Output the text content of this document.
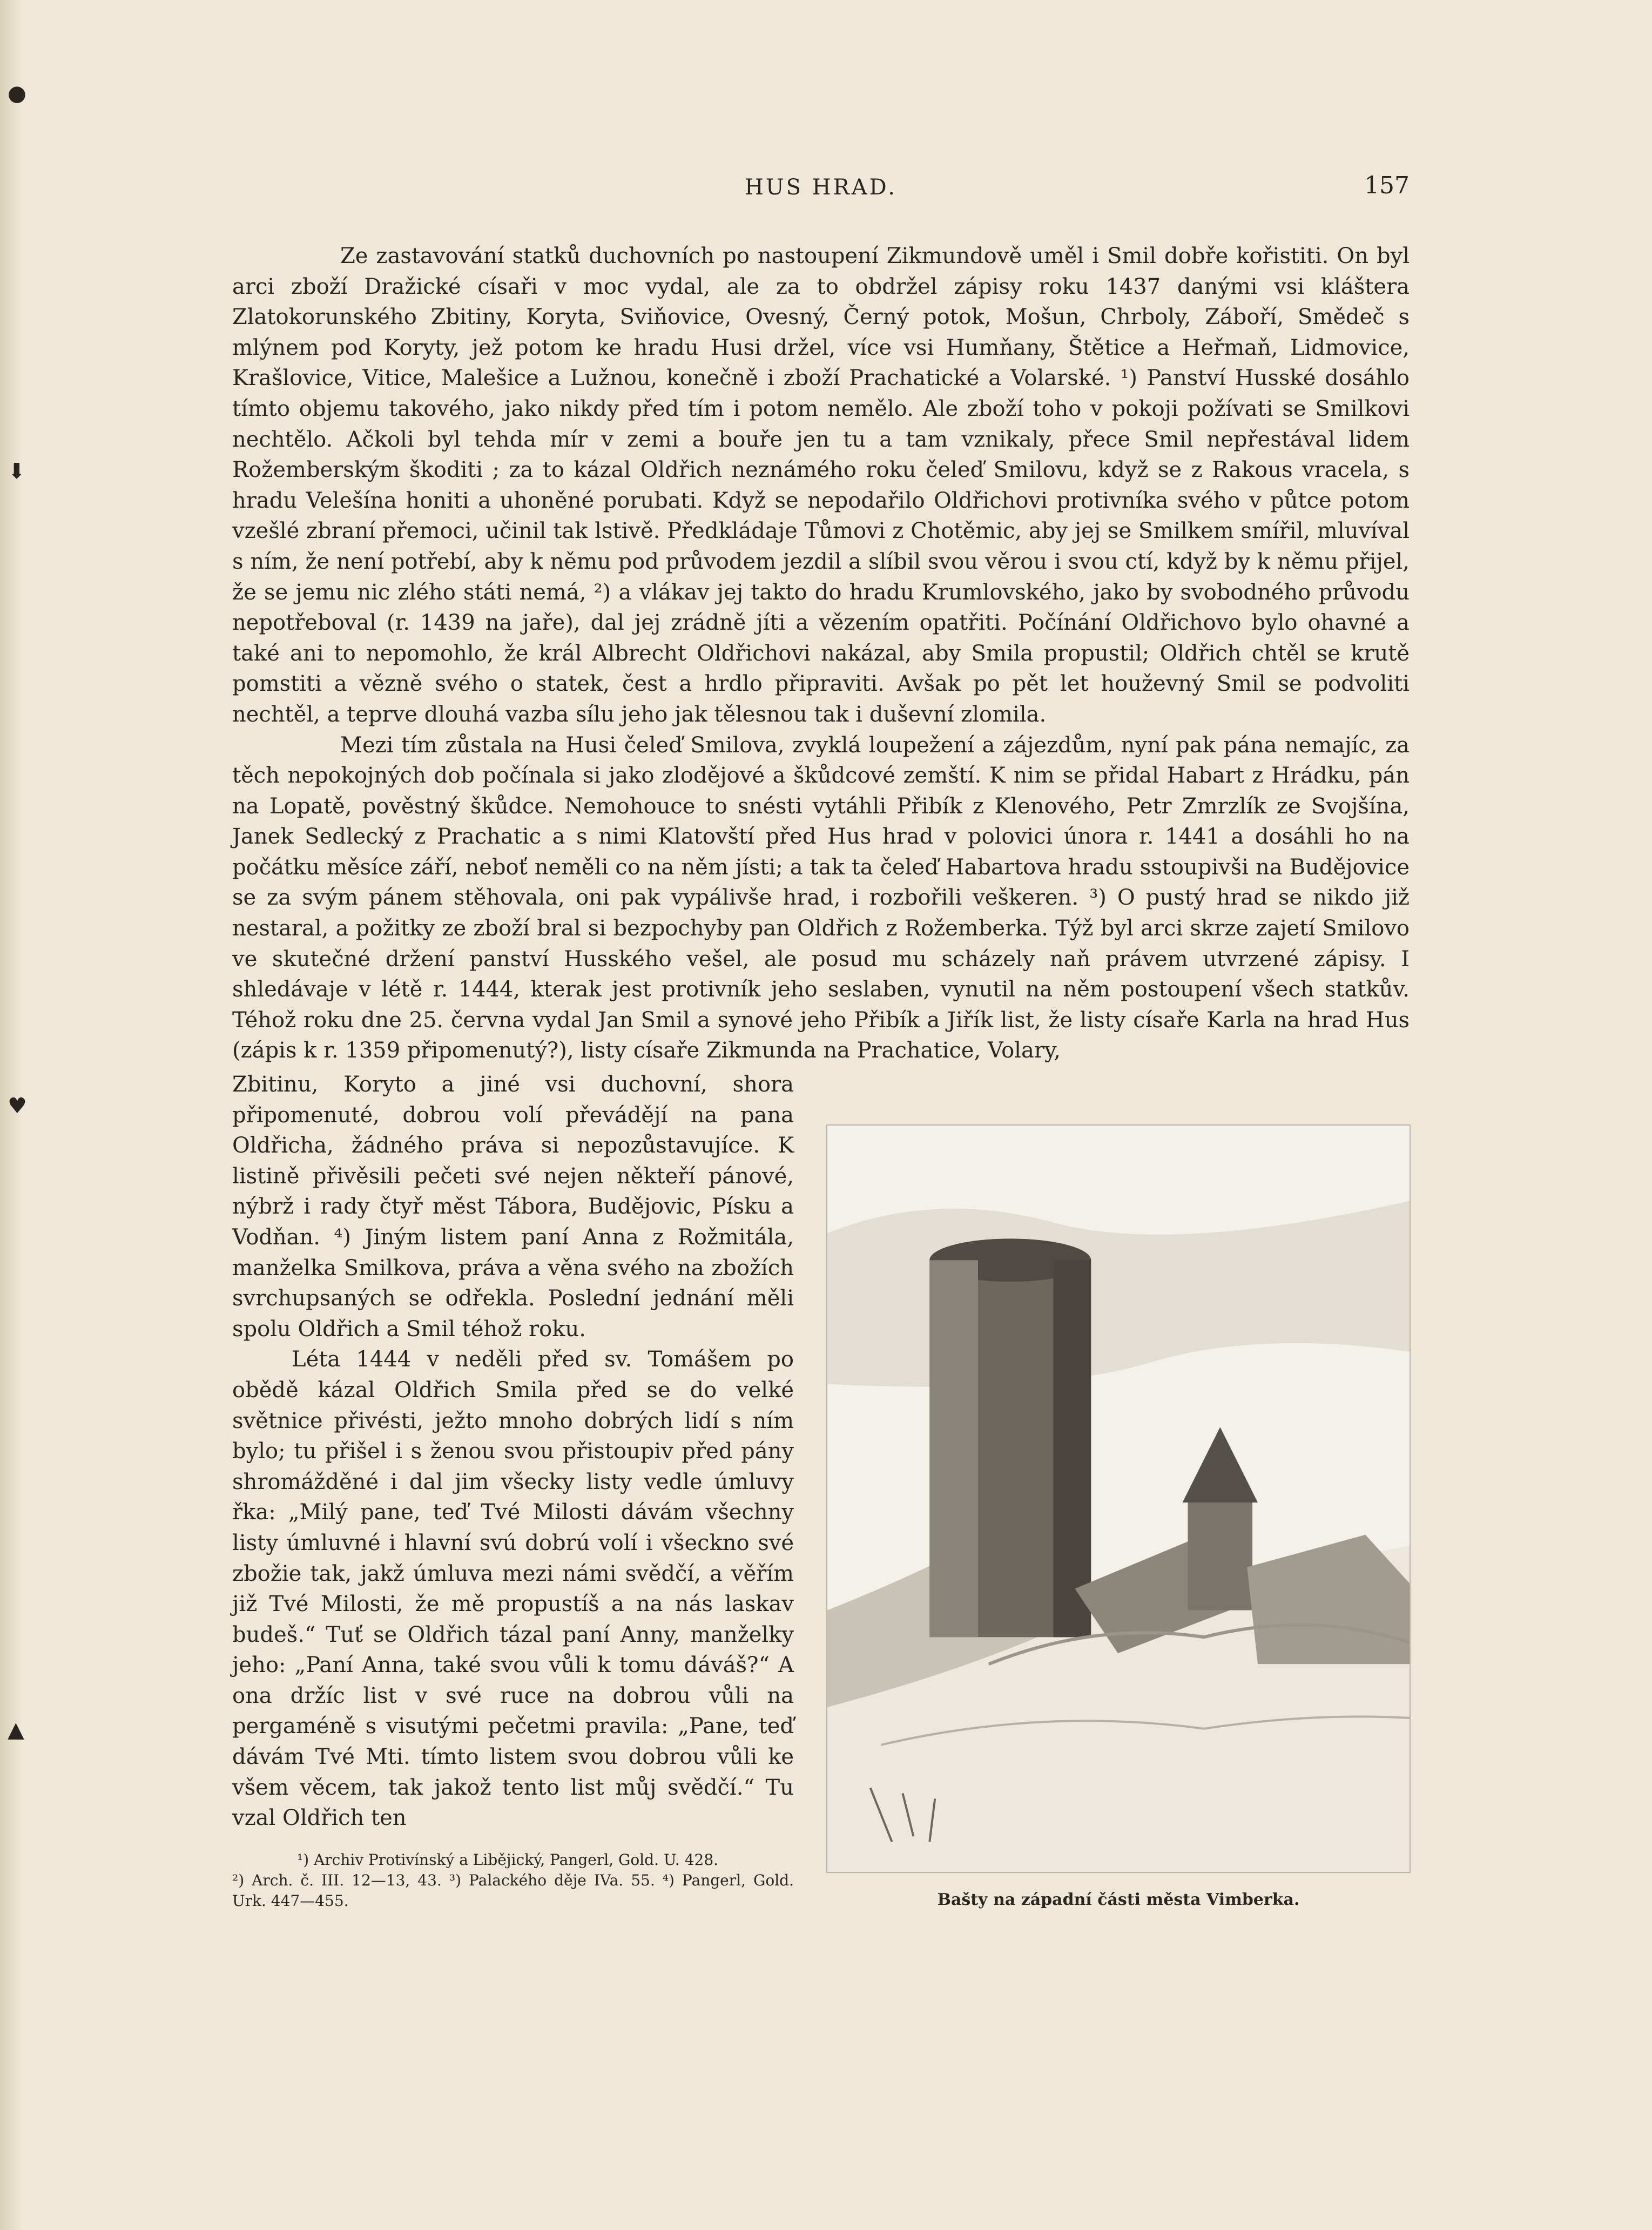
●
⬇
♥
▲
HUS HRAD.	157

Ze zastavování statků duchovních po nastoupení Zikmundově uměl i Smil dobře kořistiti. On byl arci zboží Dražické císaři v moc vydal, ale za to obdržel zápisy roku 1437 danými vsi kláštera Zlatokorunského Zbitiny, Koryta, Sviňovice, Ovesný, Černý potok, Mošun, Chrboly, Záboří, Smědeč s mlýnem pod Koryty, jež potom ke hradu Husi držel, více vsi Humňany, Štětice a Heřmaň, Lidmovice, Krašlovice, Vitice, Malešice a Lužnou, konečně i zboží Prachatické a Volarské. ¹) Panství Husské dosáhlo tímto objemu takového, jako nikdy před tím i potom nemělo. Ale zboží toho v pokoji požívati se Smilkovi nechtělo. Ačkoli byl tehda mír v zemi a bouře jen tu a tam vznikaly, přece Smil nepřestával lidem Rožemberským škoditi ; za to kázal Oldřich neznámého roku čeleď Smilovu, když se z Rakous vracela, s hradu Velešína honiti a uhoněné porubati. Když se nepodařilo Oldřichovi protivníka svého v půtce potom vzešlé zbraní přemoci, učinil tak lstivě. Předkládaje Tůmovi z Chotěmic, aby jej se Smilkem smířil, mluvíval s ním, že není potřebí, aby k němu pod průvodem jezdil a slíbil svou věrou i svou ctí, když by k němu přijel, že se jemu nic zlého státi nemá, ²) a vlákav jej takto do hradu Krumlovského, jako by svobodného průvodu nepotřeboval (r. 1439 na jaře), dal jej zrádně jíti a vězením opatřiti. Počínání Oldřichovo bylo ohavné a také ani to nepomohlo, že král Albrecht Oldřichovi nakázal, aby Smila propustil; Oldřich chtěl se krutě pomstiti a vězně svého o statek, čest a hrdlo připraviti. Avšak po pět let houževný Smil se podvoliti nechtěl, a teprve dlouhá vazba sílu jeho jak tělesnou tak i duševní zlomila.

Mezi tím zůstala na Husi čeleď Smilova, zvyklá loupežení a zájezdům, nyní pak pána nemajíc, za těch nepokojných dob počínala si jako zlodějové a škůdcové zemští. K nim se přidal Habart z Hrádku, pán na Lopatě, pověstný škůdce. Nemohouce to snésti vytáhli Přibík z Klenového, Petr Zmrzlík ze Svojšína, Janek Sedlecký z Prachatic a s nimi Klatovští před Hus hrad v polovici února r. 1441 a dosáhli ho na počátku měsíce září, neboť neměli co na něm jísti; a tak ta čeleď Habartova hradu sstoupivši na Budějovice se za svým pánem stěhovala, oni pak vypálivše hrad, i rozbořili veškeren. ³) O pustý hrad se nikdo již nestaral, a požitky ze zboží bral si bezpochyby pan Oldřich z Rožemberka. Týž byl arci skrze zajetí Smilovo ve skutečné držení panství Husského vešel, ale posud mu scházely naň právem utvrzené zápisy. I shledávaje v létě r. 1444, kterak jest protivník jeho seslaben, vynutil na něm postoupení všech statkův. Téhož roku dne 25. června vydal Jan Smil a synové jeho Přibík a Jiřík list, že listy císaře Karla na hrad Hus (zápis k r. 1359 připomenutý?), listy císaře Zikmunda na Prachatice, Volary,

Zbitinu, Koryto a jiné vsi duchovní, shora připomenuté, dobrou volí převádějí na pana Oldřicha, žádného práva si nepozůstavujíce. K listině přivěsili pečeti své nejen někteří pánové, nýbrž i rady čtyř měst Tábora, Budějovic, Písku a Vodňan. ⁴) Jiným listem paní Anna z Rožmitála, manželka Smilkova, práva a věna svého na zbožích svrchupsaných se odřekla. Poslední jednání měli spolu Oldřich a Smil téhož roku.

Léta 1444 v neděli před sv. Tomášem po obědě kázal Oldřich Smila před se do velké světnice přivésti, ježto mnoho dobrých lidí s ním bylo; tu přišel i s ženou svou přistoupiv před pány shromážděné i dal jim všecky listy vedle úmluvy řka: „Milý pane, teď Tvé Milosti dávám všechny listy úmluvné i hlavní svú dobrú volí i všeckno své zbožie tak, jakž úmluva mezi námi svědčí, a věřím již Tvé Milosti, že mě propustíš a na nás laskav budeš.“ Tuť se Oldřich tázal paní Anny, manželky jeho: „Paní Anna, také svou vůli k tomu dáváš?“ A ona držíc list v své ruce na dobrou vůli na pergaméně s visutými pečetmi pravila: „Pane, teď dávám Tvé Mti. tímto listem svou dobrou vůli ke všem věcem, tak jakož tento list můj svědčí.“ Tu vzal Oldřich ten

¹) Archiv Protivínský a Libějický, Pangerl, Gold. U. 428.

²) Arch. č. III. 12—13, 43. ³) Palackého děje IVa. 55. ⁴) Pangerl, Gold. Urk. 447—455.	Bašty na západní části města Vimberka.
